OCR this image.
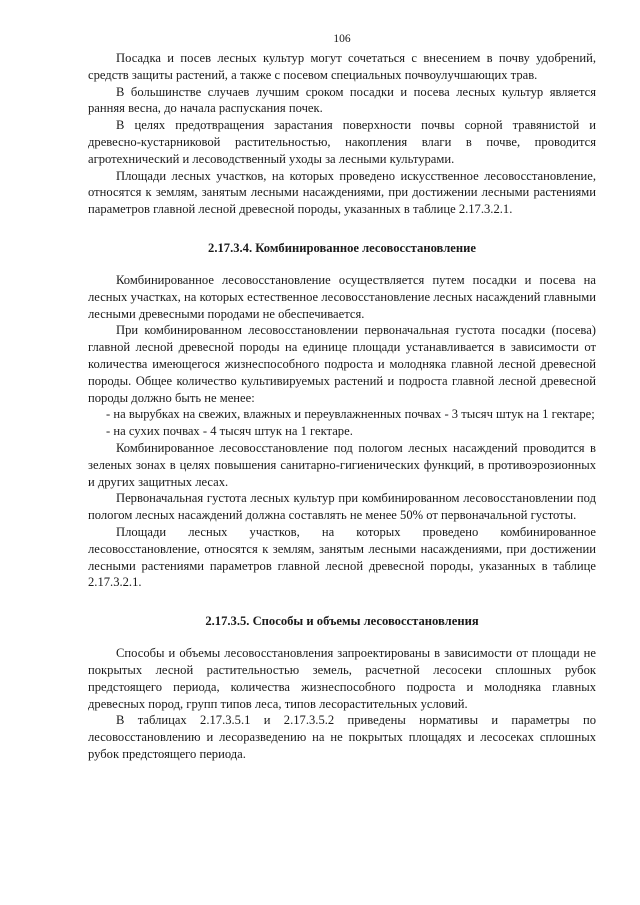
106

Посадка и посев лесных культур могут сочетаться с внесением в почву удобрений, средств защиты растений, а также с посевом специальных почвоулучшающих трав.

В большинстве случаев лучшим сроком посадки и посева лесных культур является ранняя весна, до начала распускания почек.

В целях предотвращения зарастания поверхности почвы сорной травянистой и древесно-кустарниковой растительностью, накопления влаги в почве, проводится агротехнический и лесоводственный уходы за лесными культурами.

Площади лесных участков, на которых проведено искусственное лесовосстановление, относятся к землям, занятым лесными насаждениями, при достижении лесными растениями параметров главной лесной древесной породы, указанных в таблице 2.17.3.2.1.

2.17.3.4. Комбинированное лесовосстановление

Комбинированное лесовосстановление осуществляется путем посадки и посева на лесных участках, на которых естественное лесовосстановление лесных насаждений главными лесными древесными породами не обеспечивается.

При комбинированном лесовосстановлении первоначальная густота посадки (посева) главной лесной древесной породы на единице площади устанавливается в зависимости от количества имеющегося жизнеспособного подроста и молодняка главной лесной древесной породы. Общее количество культивируемых растений и подроста главной лесной древесной породы должно быть не менее:

- на вырубках на свежих, влажных и переувлажненных почвах - 3 тысяч штук на 1 гектаре;

- на сухих почвах - 4 тысяч штук на 1 гектаре.

Комбинированное лесовосстановление под пологом лесных насаждений проводится в зеленых зонах в целях повышения санитарно-гигиенических функций, в противоэрозионных и других защитных лесах.

Первоначальная густота лесных культур при комбинированном лесовосстановлении под пологом лесных насаждений должна составлять не менее 50% от первоначальной густоты.

Площади лесных участков, на которых проведено комбинированное лесовосстановление, относятся к землям, занятым лесными насаждениями, при достижении лесными растениями параметров главной лесной древесной породы, указанных в таблице 2.17.3.2.1.

2.17.3.5. Способы и объемы лесовосстановления

Способы и объемы лесовосстановления запроектированы в зависимости от площади не покрытых лесной растительностью земель, расчетной лесосеки сплошных рубок предстоящего периода, количества жизнеспособного подроста и молодняка главных древесных пород, групп типов леса, типов лесорастительных условий.

В таблицах 2.17.3.5.1 и 2.17.3.5.2 приведены нормативы и параметры по лесовосстановлению и лесоразведению на не покрытых площадях и лесосеках сплошных рубок предстоящего периода.
